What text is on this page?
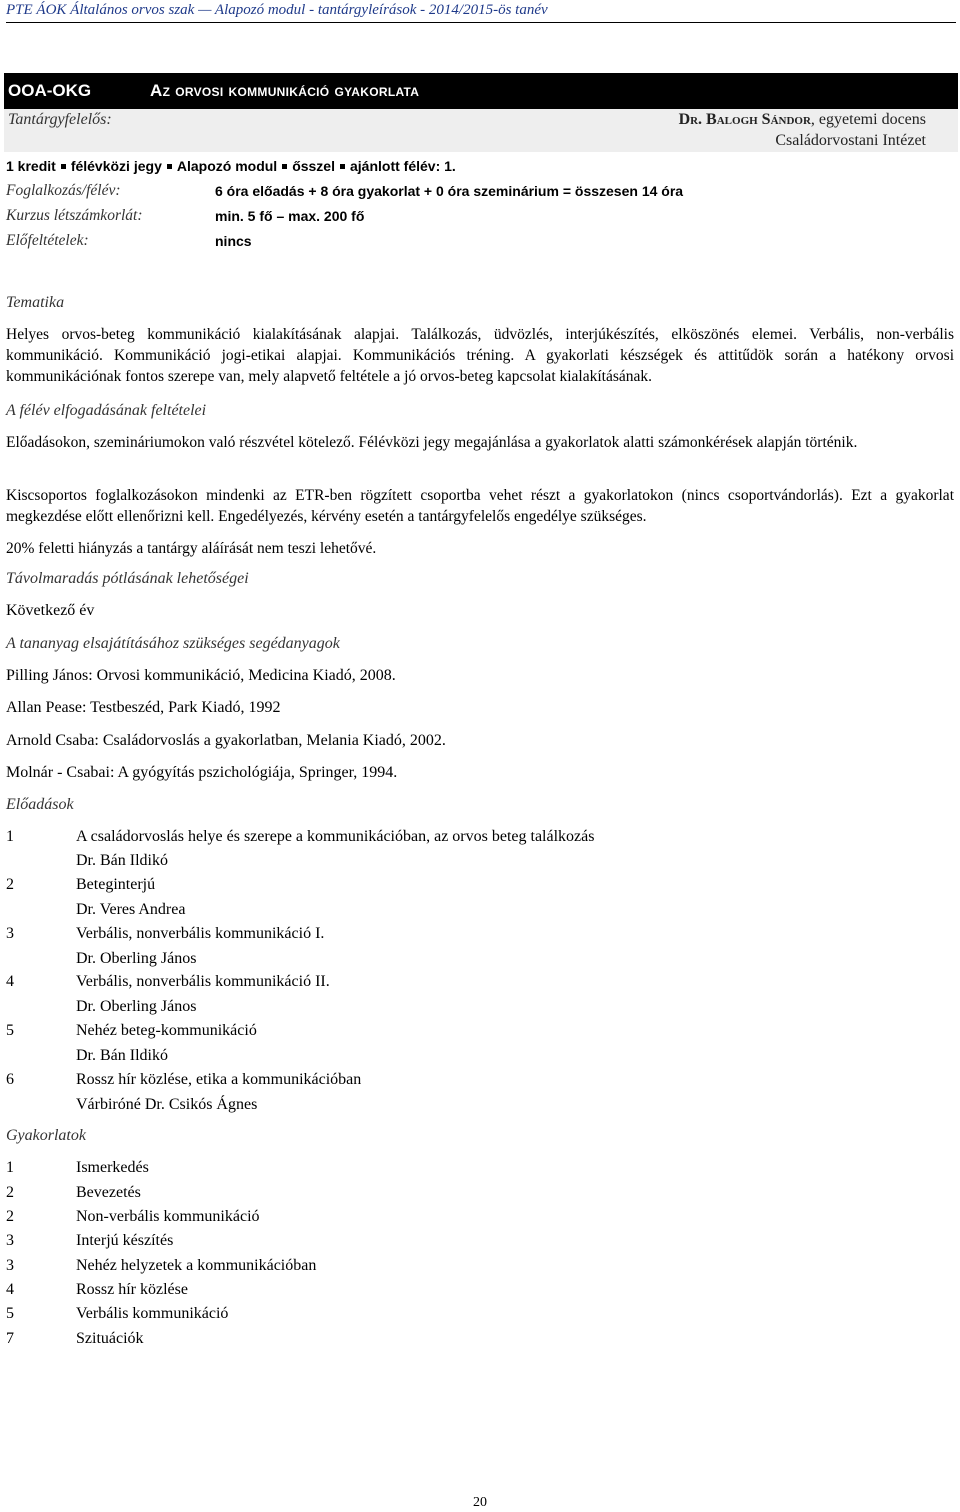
PTE ÁOK Általános orvos szak — Alapozó modul - tantárgyleírások - 2014/2015-ös tanév
OOA-OKG	Az orvosi kommunikáció gyakorlata
Tantárgyfelelős:	Dr. Balogh Sándor, egyetemi docens
Családorvostani Intézet
1 kredit félévközi jegy Alapozó modul ősszel ajánlott félév: 1.
Foglalkozás/félév:	6 óra előadás + 8 óra gyakorlat + 0 óra szeminárium = összesen 14 óra
Kurzus létszámkorlát:	min. 5 fő – max. 200 fő
Előfeltételek:	nincs
Tematika
Helyes orvos-beteg kommunikáció kialakításának alapjai. Találkozás, üdvözlés, interjúkészítés, elköszönés elemei. Verbális, non-verbális kommunikáció. Kommunikáció jogi-etikai alapjai. Kommunikációs tréning. A gyakorlati készségek és attitűdök során a hatékony orvosi kommunikációnak fontos szerepe van, mely alapvető feltétele a jó orvos-beteg kapcsolat kialakításának.
A félév elfogadásának feltételei
Előadásokon, szemináriumokon való részvétel kötelező. Félévközi jegy megajánlása a gyakorlatok alatti számonkérések alapján történik.
Kiscsoportos foglalkozásokon mindenki az ETR-ben rögzített csoportba vehet részt a gyakorlatokon (nincs csoportvándorlás). Ezt a gyakorlat megkezdése előtt ellenőrizni kell. Engedélyezés, kérvény esetén a tantárgyfelelős engedélye szükséges.
20% feletti hiányzás a tantárgy aláírását nem teszi lehetővé.
Távolmaradás pótlásának lehetőségei
Következő év
A tananyag elsajátításához szükséges segédanyagok
Pilling János: Orvosi kommunikáció, Medicina Kiadó, 2008.
Allan Pease: Testbeszéd, Park Kiadó, 1992
Arnold Csaba: Családorvoslás a gyakorlatban, Melania Kiadó, 2002.
Molnár - Csabai: A gyógyítás pszichológiája, Springer, 1994.
Előadások
1	A családorvoslás helye és szerepe a kommunikációban, az orvos beteg találkozás
Dr. Bán Ildikó
2	Beteginterjú
Dr. Veres Andrea
3	Verbális, nonverbális kommunikáció I.
Dr. Oberling János
4	Verbális, nonverbális kommunikáció II.
Dr. Oberling János
5	Nehéz beteg-kommunikáció
Dr. Bán Ildikó
6	Rossz hír közlése, etika a kommunikációban
Várbiróné Dr. Csikós Ágnes
Gyakorlatok
1	Ismerkedés
2	Bevezetés
2	Non-verbális kommunikáció
3	Interjú készítés
3	Nehéz helyzetek a kommunikációban
4	Rossz hír közlése
5	Verbális kommunikáció
7	Szituációk
20
